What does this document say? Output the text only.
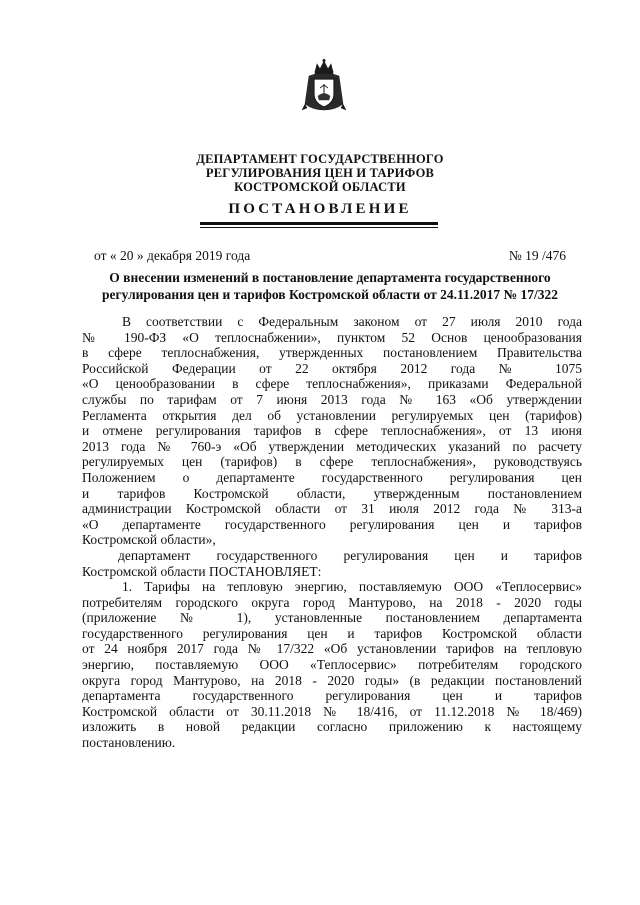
ДЕПАРТАМЕНТ ГОСУДАРСТВЕННОГО
РЕГУЛИРОВАНИЯ ЦЕН И ТАРИФОВ
КОСТРОМСКОЙ ОБЛАСТИ
ПОСТАНОВЛЕНИЕ
от « 20 » декабря 2019 года	№ 19 /476
О внесении изменений в постановление департамента государственного
регулирования цен и тарифов Костромской области от 24.11.2017 № 17/322
В соответствии с Федеральным законом от 27 июля 2010 года
№ 190-ФЗ «О теплоснабжении», пунктом 52 Основ ценообразования
в сфере теплоснабжения, утвержденных постановлением Правительства
Российской Федерации от 22 октября 2012 года № 1075
«О ценообразовании в сфере теплоснабжения», приказами Федеральной
службы по тарифам от 7 июня 2013 года № 163 «Об утверждении
Регламента открытия дел об установлении регулируемых цен (тарифов)
и отмене регулирования тарифов в сфере теплоснабжения», от 13 июня
2013 года № 760-э «Об утверждении методических указаний по расчету
регулируемых цен (тарифов) в сфере теплоснабжения», руководствуясь
Положением о департаменте государственного регулирования цен
и тарифов Костромской области, утвержденным постановлением
администрации Костромской области от 31 июля 2012 года № 313-а
«О департаменте государственного регулирования цен и тарифов
Костромской области»,
департамент государственного регулирования цен и тарифов
Костромской области ПОСТАНОВЛЯЕТ:
1. Тарифы на тепловую энергию, поставляемую ООО «Теплосервис»
потребителям городского округа город Мантурово, на 2018 - 2020 годы
(приложение № 1), установленные постановлением департамента
государственного регулирования цен и тарифов Костромской области
от 24 ноября 2017 года № 17/322 «Об установлении тарифов на тепловую
энергию, поставляемую ООО «Теплосервис» потребителям городского
округа город Мантурово, на 2018 - 2020 годы» (в редакции постановлений
департамента государственного регулирования цен и тарифов
Костромской области от 30.11.2018 № 18/416, от 11.12.2018 № 18/469)
изложить в новой редакции согласно приложению к настоящему
постановлению.
